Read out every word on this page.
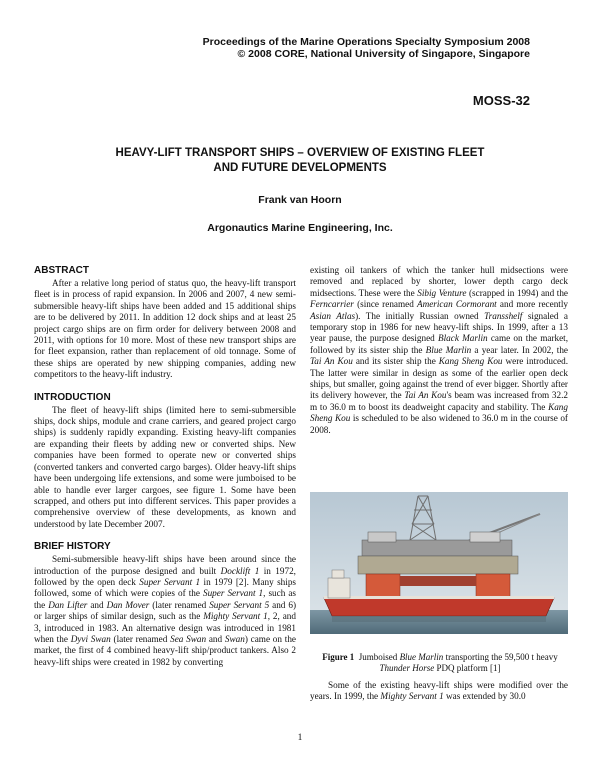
Proceedings of the Marine Operations Specialty Symposium 2008
© 2008 CORE, National University of Singapore, Singapore
MOSS-32
HEAVY-LIFT TRANSPORT SHIPS – OVERVIEW OF EXISTING FLEET
AND FUTURE DEVELOPMENTS
Frank van Hoorn
Argonautics Marine Engineering, Inc.
ABSTRACT

After a relative long period of status quo, the heavy-lift transport fleet is in process of rapid expansion. In 2006 and 2007, 4 new semi-submersible heavy-lift ships have been added and 15 additional ships are to be delivered by 2011. In addition 12 dock ships and at least 25 project cargo ships are on firm order for delivery between 2008 and 2011, with options for 10 more. Most of these new transport ships are for fleet expansion, rather than replacement of old tonnage. Some of these ships are operated by new shipping companies, adding new competitors to the heavy-lift industry.

INTRODUCTION

The fleet of heavy-lift ships (limited here to semi-submersible ships, dock ships, module and crane carriers, and geared project cargo ships) is suddenly rapidly expanding. Existing heavy-lift companies are expanding their fleets by adding new or converted ships. New companies have been formed to operate new or converted ships (converted tankers and converted cargo barges). Older heavy-lift ships have been undergoing life extensions, and some were jumboised to be able to handle ever larger cargoes, see figure 1. Some have been scrapped, and others put into different services. This paper provides a comprehensive overview of these developments, as known and understood by late December 2007.

BRIEF HISTORY

Semi-submersible heavy-lift ships have been around since the introduction of the purpose designed and built Docklift 1 in 1972, followed by the open deck Super Servant 1 in 1979 [2]. Many ships followed, some of which were copies of the Super Servant 1, such as the Dan Lifter and Dan Mover (later renamed Super Servant 5 and 6) or larger ships of similar design, such as the Mighty Servant 1, 2, and 3, introduced in 1983. An alternative design was introduced in 1981 when the Dyvi Swan (later renamed Sea Swan and Swan) came on the market, the first of 4 combined heavy-lift ship/product tankers. Also 2 heavy-lift ships were created in 1982 by converting

existing oil tankers of which the tanker hull midsections were removed and replaced by shorter, lower depth cargo deck midsections. These were the Sibig Venture (scrapped in 1994) and the Ferncarrier (since renamed American Cormorant and more recently Asian Atlas). The initially Russian owned Transshelf signaled a temporary stop in 1986 for new heavy-lift ships. In 1999, after a 13 year pause, the purpose designed Black Marlin came on the market, followed by its sister ship the Blue Marlin a year later. In 2002, the Tai An Kou and its sister ship the Kang Sheng Kou were introduced. The latter were similar in design as some of the earlier open deck ships, but smaller, going against the trend of ever bigger. Shortly after its delivery however, the Tai An Kou's beam was increased from 32.2 m to 36.0 m to boost its deadweight capacity and stability. The Kang Sheng Kou is scheduled to be also widened to 36.0 m in the course of 2008.

Figure 1 Jumboised Blue Marlin transporting the 59,500 t heavy
Thunder Horse PDQ platform [1]

Some of the existing heavy-lift ships were modified over the years. In 1999, the Mighty Servant 1 was extended by 30.0

1
